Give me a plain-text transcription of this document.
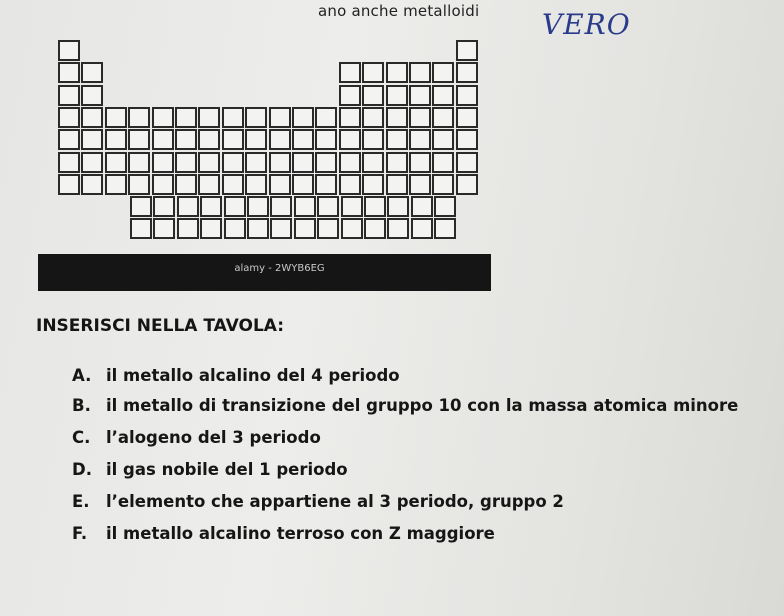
ano anche metalloidi VERO
alamy - 2WYB6EG
INSERISCI NELLA TAVOLA:
A. il metallo alcalino del 4 periodo
B. il metallo di transizione del gruppo 10 con la massa atomica minore
C. l’alogeno del 3 periodo
D. il gas nobile del 1 periodo
E. l’elemento che appartiene al 3 periodo, gruppo 2
F. il metallo alcalino terroso con Z maggiore
